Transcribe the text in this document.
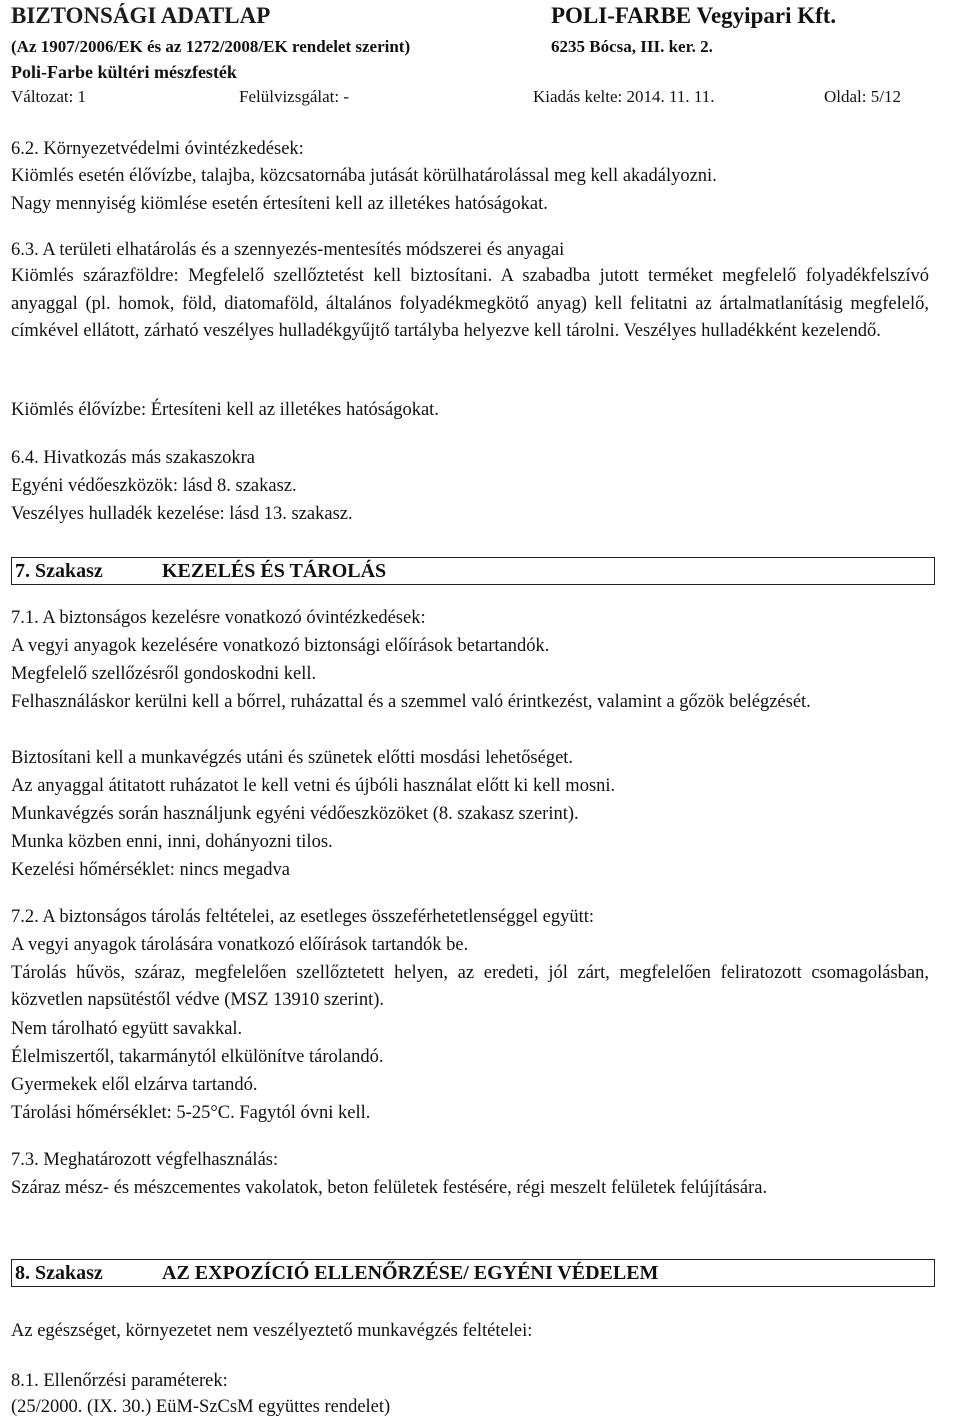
BIZTONSÁGI ADATLAP	POLI-FARBE Vegyipari Kft.
(Az 1907/2006/EK és az 1272/2008/EK rendelet szerint)	6235 Bócsa, III. ker. 2.
Poli-Farbe kültéri mészfesték
Változat: 1	Felülvizsgálat: -	Kiadás kelte: 2014. 11. 11.	Oldal: 5/12
6.2. Környezetvédelmi óvintézkedések:
Kiömlés esetén élővízbe, talajba, közcsatornába jutását körülhatárolással meg kell akadályozni.
Nagy mennyiség kiömlése esetén értesíteni kell az illetékes hatóságokat.
6.3. A területi elhatárolás és a szennyezés-mentesítés módszerei és anyagai
Kiömlés szárazföldre: Megfelelő szellőztetést kell biztosítani. A szabadba jutott terméket megfelelő folyadékfelszívó anyaggal (pl. homok, föld, diatomaföld, általános folyadékmegkötő anyag) kell felitatni az ártalmatlanításig megfelelő, címkével ellátott, zárható veszélyes hulladékgyűjtő tartályba helyezve kell tárolni. Veszélyes hulladékként kezelendő.
Kiömlés élővízbe: Értesíteni kell az illetékes hatóságokat.
6.4. Hivatkozás más szakaszokra
Egyéni védőeszközök: lásd 8. szakasz.
Veszélyes hulladék kezelése: lásd 13. szakasz.
7. Szakasz	KEZELÉS ÉS TÁROLÁS
7.1. A biztonságos kezelésre vonatkozó óvintézkedések:
A vegyi anyagok kezelésére vonatkozó biztonsági előírások betartandók.
Megfelelő szellőzésről gondoskodni kell.
Felhasználáskor kerülni kell a bőrrel, ruházattal és a szemmel való érintkezést, valamint a gőzök belégzését.
Biztosítani kell a munkavégzés utáni és szünetek előtti mosdási lehetőséget.
Az anyaggal átitatott ruházatot le kell vetni és újbóli használat előtt ki kell mosni.
Munkavégzés során használjunk egyéni védőeszközöket (8. szakasz szerint).
Munka közben enni, inni, dohányozni tilos.
Kezelési hőmérséklet: nincs megadva
7.2. A biztonságos tárolás feltételei, az esetleges összeférhetetlenséggel együtt:
A vegyi anyagok tárolására vonatkozó előírások tartandók be.
Tárolás hűvös, száraz, megfelelően szellőztetett helyen, az eredeti, jól zárt, megfelelően feliratozott csomagolásban, közvetlen napsütéstől védve (MSZ 13910 szerint).
Nem tárolható együtt savakkal.
Élelmiszertől, takarmánytól elkülönítve tárolandó.
Gyermekek elől elzárva tartandó.
Tárolási hőmérséklet: 5-25°C. Fagytól óvni kell.
7.3. Meghatározott végfelhasználás:
Száraz mész- és mészcementes vakolatok, beton felületek festésére, régi meszelt felületek felújítására.
8. Szakasz	AZ EXPOZÍCIÓ ELLENŐRZÉSE/ EGYÉNI VÉDELEM
Az egészséget, környezetet nem veszélyeztető munkavégzés feltételei:
8.1. Ellenőrzési paraméterek:
(25/2000. (IX. 30.) EüM-SzCsM együttes rendelet)
